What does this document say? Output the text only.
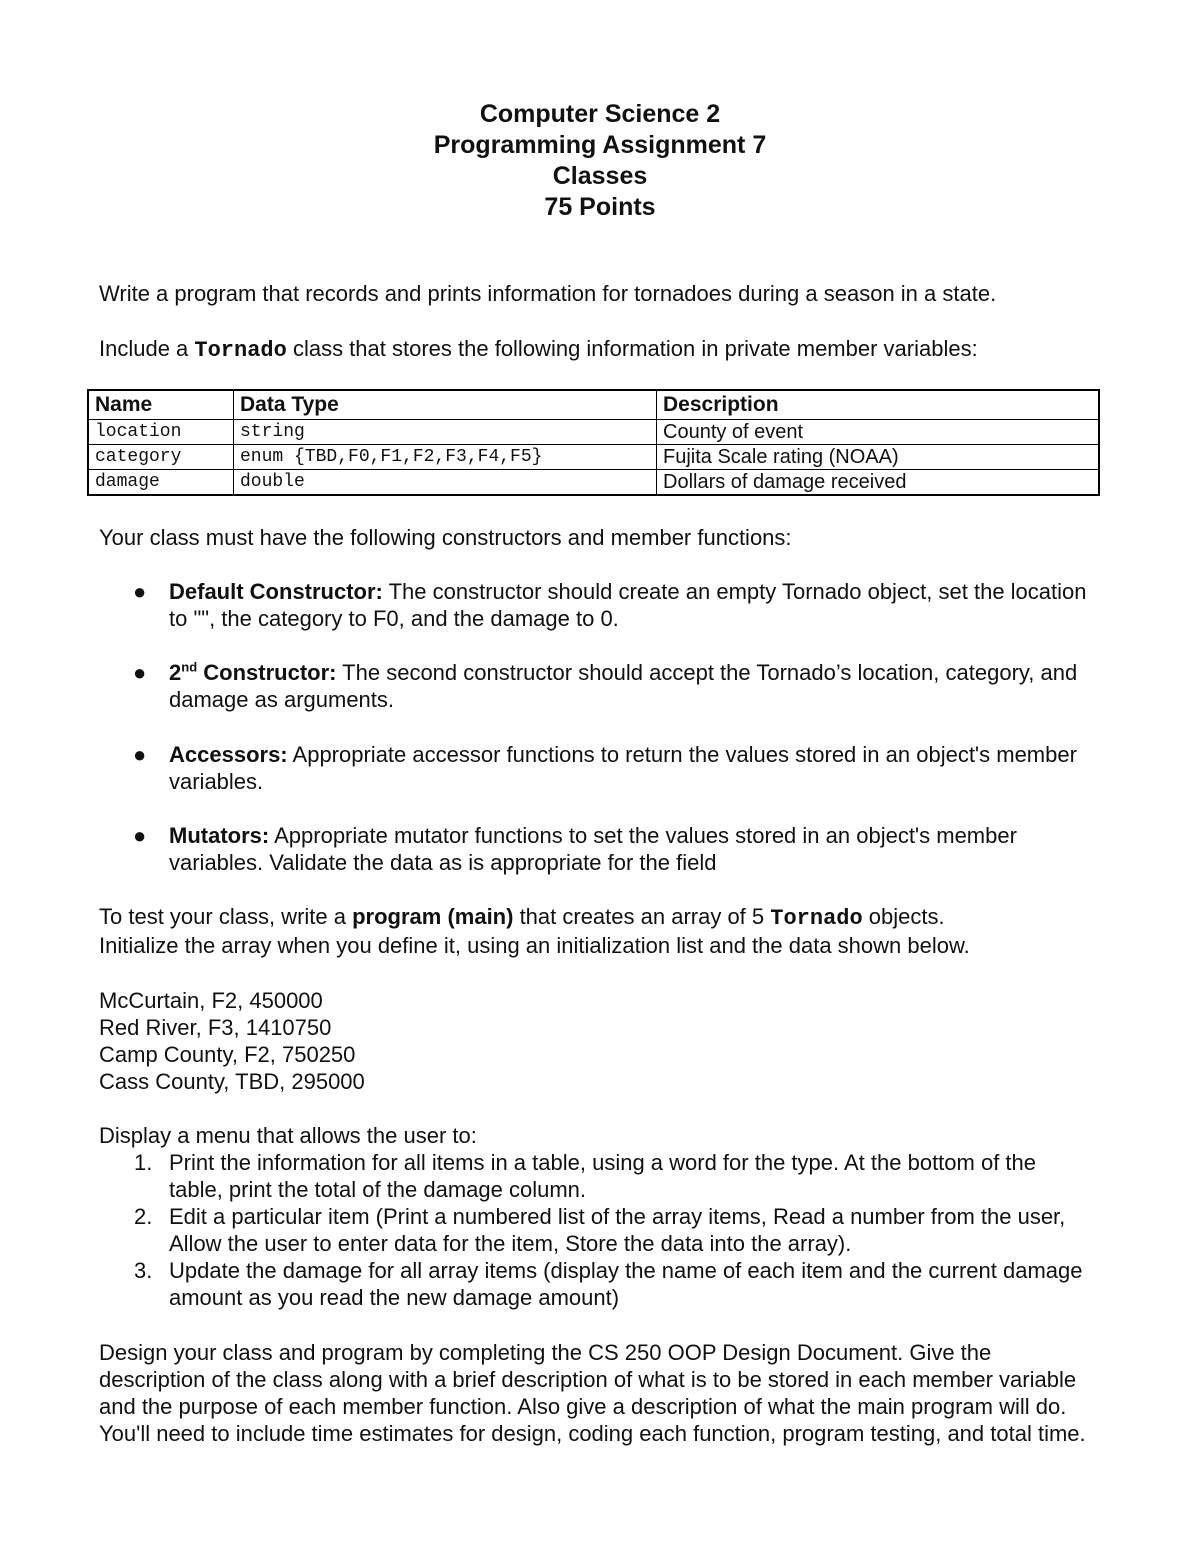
Computer Science 2
Programming Assignment 7
Classes
75 Points

Write a program that records and prints information for tornadoes during a season in a state.

Include a Tornado class that stores the following information in private member variables:

Name	Data Type	Description
location	string	County of event
category	enum {TBD,F0,F1,F2,F3,F4,F5}	Fujita Scale rating (NOAA)
damage	double	Dollars of damage received

Your class must have the following constructors and member functions:

● Default Constructor: The constructor should create an empty Tornado object, set the location to "", the category to F0, and the damage to 0.
● 2nd Constructor: The second constructor should accept the Tornado’s location, category, and damage as arguments.
● Accessors: Appropriate accessor functions to return the values stored in an object's member variables.
● Mutators: Appropriate mutator functions to set the values stored in an object's member variables. Validate the data as is appropriate for the field

To test your class, write a program (main) that creates an array of 5 Tornado objects.
Initialize the array when you define it, using an initialization list and the data shown below.

McCurtain, F2, 450000
Red River, F3, 1410750
Camp County, F2, 750250
Cass County, TBD, 295000

Display a menu that allows the user to:

1. Print the information for all items in a table, using a word for the type. At the bottom of the table, print the total of the damage column.
2. Edit a particular item (Print a numbered list of the array items, Read a number from the user, Allow the user to enter data for the item, Store the data into the array).
3. Update the damage for all array items (display the name of each item and the current damage amount as you read the new damage amount)

Design your class and program by completing the CS 250 OOP Design Document. Give the description of the class along with a brief description of what is to be stored in each member variable and the purpose of each member function. Also give a description of what the main program will do. You'll need to include time estimates for design, coding each function, program testing, and total time.
